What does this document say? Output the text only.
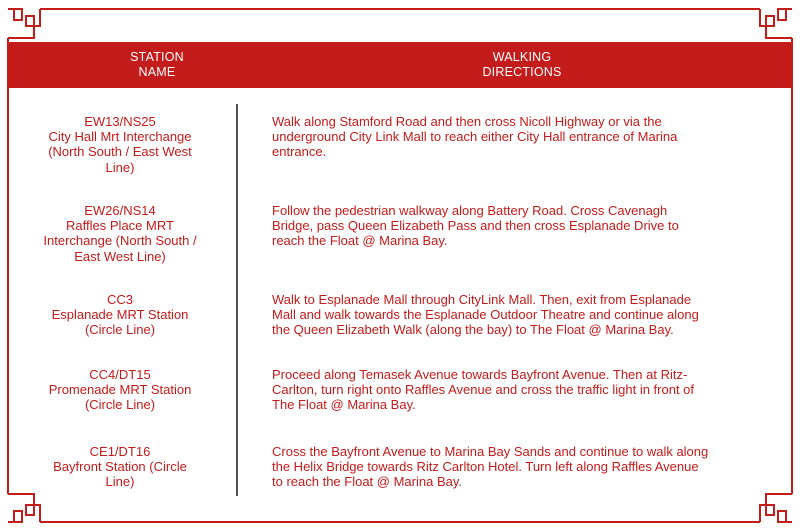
STATION
NAME
WALKING
DIRECTIONS
EW13/NS25
City Hall Mrt Interchange
(North South / East West
Line)
Walk along Stamford Road and then cross Nicoll Highway or via the
underground City Link Mall to reach either City Hall entrance of Marina
entrance.
EW26/NS14
Raffles Place MRT
Interchange (North South /
East West Line)
Follow the pedestrian walkway along Battery Road. Cross Cavenagh
Bridge, pass Queen Elizabeth Pass and then cross Esplanade Drive to
reach the Float @ Marina Bay.
CC3
Esplanade MRT Station
(Circle Line)
Walk to Esplanade Mall through CityLink Mall. Then, exit from Esplanade
Mall and walk towards the Esplanade Outdoor Theatre and continue along
the Queen Elizabeth Walk (along the bay) to The Float @ Marina Bay.
CC4/DT15
Promenade MRT Station
(Circle Line)
Proceed along Temasek Avenue towards Bayfront Avenue. Then at Ritz-
Carlton, turn right onto Raffles Avenue and cross the traffic light in front of
The Float @ Marina Bay.
CE1/DT16
Bayfront Station (Circle
Line)
Cross the Bayfront Avenue to Marina Bay Sands and continue to walk along
the Helix Bridge towards Ritz Carlton Hotel. Turn left along Raffles Avenue
to reach the Float @ Marina Bay.
